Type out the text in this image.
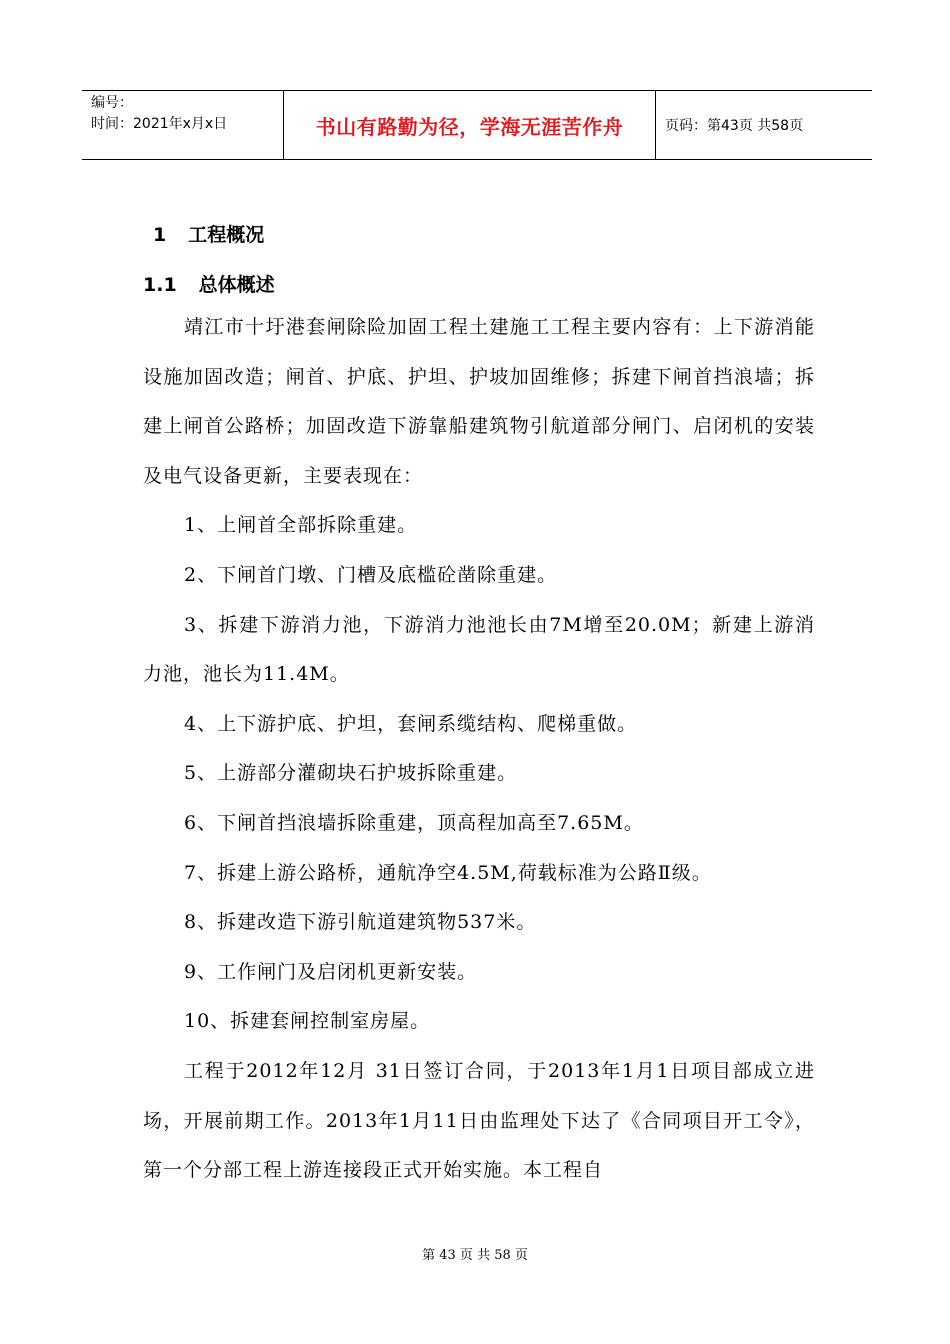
编号：
时间：2021年x月x日	书山有路勤为径，学海无涯苦作舟	页码：第43页 共58页
1 工程概况
1.1 总体概述

靖江市十圩港套闸除险加固工程土建施工工程主要内容有：上下游消能设施加固改造；闸首、护底、护坦、护坡加固维修；拆建下闸首挡浪墙；拆建上闸首公路桥；加固改造下游靠船建筑物引航道部分闸门、启闭机的安装及电气设备更新，主要表现在：

1、上闸首全部拆除重建。

2、下闸首门墩、门槽及底槛砼凿除重建。

3、拆建下游消力池，下游消力池池长由7M增至20.0M；新建上游消力池，池长为11.4M。

4、上下游护底、护坦，套闸系缆结构、爬梯重做。

5、上游部分灌砌块石护坡拆除重建。

6、下闸首挡浪墙拆除重建，顶高程加高至7.65M。

7、拆建上游公路桥，通航净空4.5M,荷载标准为公路Ⅱ级。

8、拆建改造下游引航道建筑物537米。

9、工作闸门及启闭机更新安装。

10、拆建套闸控制室房屋。

工程于2012年12月 31日签订合同，于2013年1月1日项目部成立进场，开展前期工作。2013年1月11日由监理处下达了《合同项目开工令》，第一个分部工程上游连接段正式开始实施。本工程自

第 43 页 共 58 页
